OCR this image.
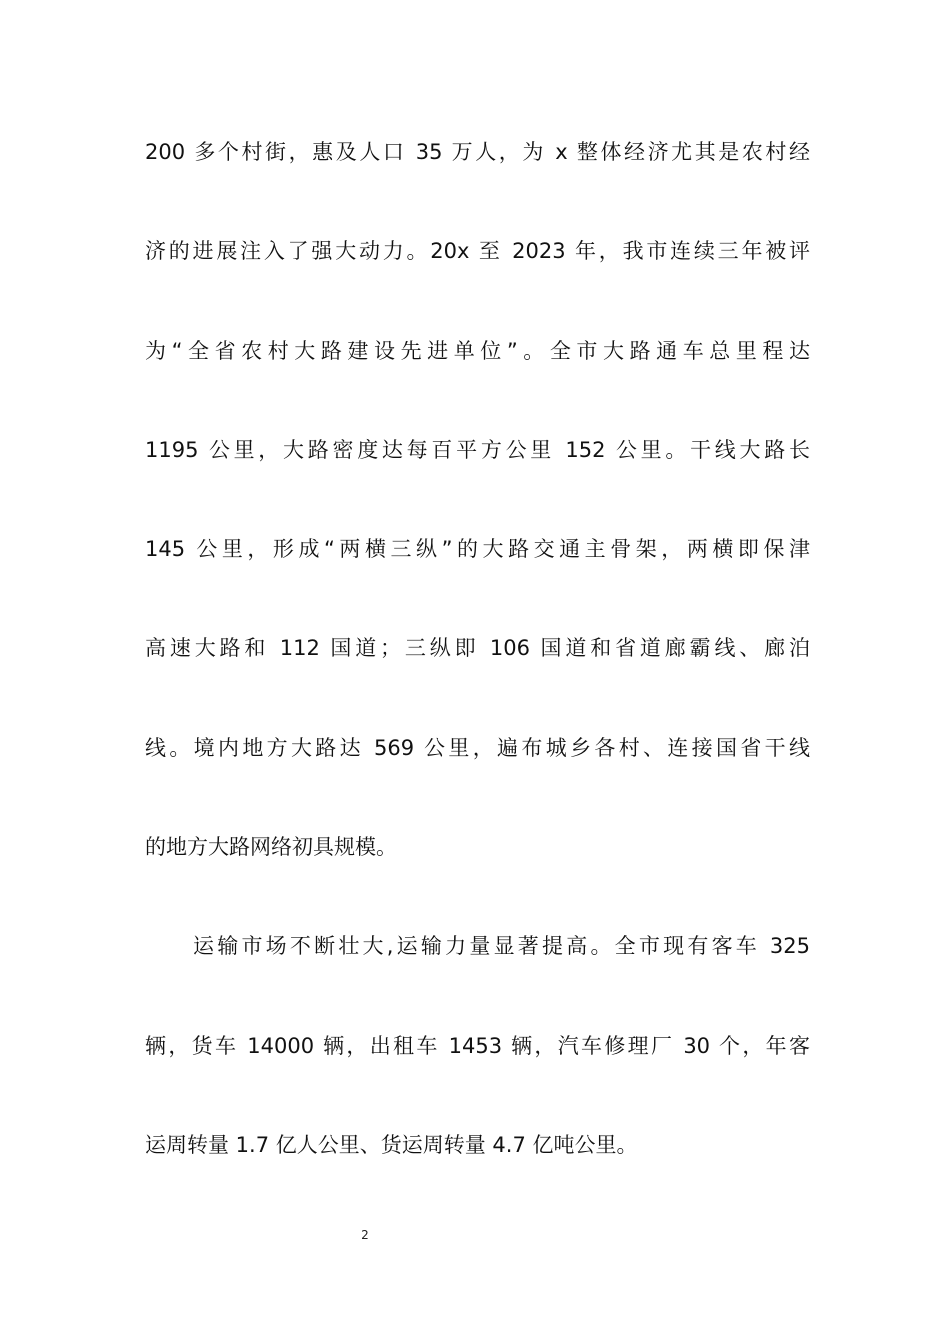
200 多个村街，惠及人口 35 万人，为 x 整体经济尤其是农村经
济的进展注入了强大动力。20x 至 2023 年，我市连续三年被评
为“全省农村大路建设先进单位”。全市大路通车总里程达
1195 公里，大路密度达每百平方公里 152 公里。干线大路长
145 公里，形成“两横三纵”的大路交通主骨架，两横即保津
高速大路和 112 国道；三纵即 106 国道和省道廊霸线、廊泊
线。境内地方大路达 569 公里，遍布城乡各村、连接国省干线
的地方大路网络初具规模。
运输市场不断壮大,运输力量显著提高。全市现有客车 325
辆，货车 14000 辆，出租车 1453 辆，汽车修理厂 30 个，年客
运周转量 1.7 亿人公里、货运周转量 4.7 亿吨公里。
2
